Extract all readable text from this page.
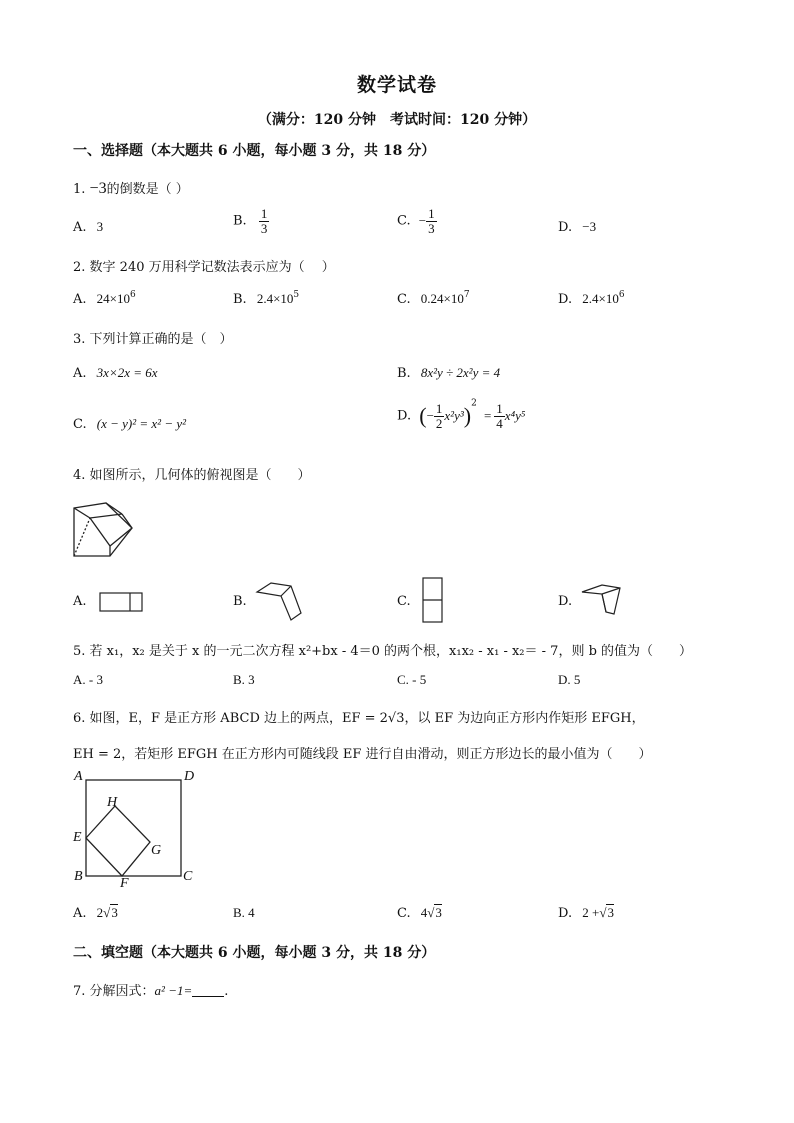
数学试卷
（满分：120 分钟　考试时间：120 分钟）
一、选择题（本大题共 6 小题，每小题 3 分，共 18 分）
1. −3的倒数是（ ）
A. 3	B. $\frac{1}{3}$	C. − $\frac{1}{3}$	D. −3
2. 数字 240 万用科学记数法表示应为（　 ）
A. $24\times 10^6$	B. $2.4\times 10^5$	C. $0.24\times 10^7$	D. $2.4\times 10^6$
3. 下列计算正确的是（　）
A. 3x×2x = 6x	B. 8x²y ÷ 2x²y = 4
C. (x − y)² = x² − y²	D. (− $\frac{1}{2} x^2y^3)^2 = \frac{1}{4} x^4y^5$
4. 如图所示，几何体的俯视图是（　　）
A.	B.	C.	D.
5. 若 x₁，x₂ 是关于 x 的一元二次方程 x²+bx - 4＝0 的两个根，x₁x₂ - x₁ - x₂＝ - 7，则 b 的值为（　　）
A. - 3	B. 3	C. - 5	D. 5
6. 如图，E，F 是正方形 ABCD 边上的两点，EF = 2√3，以 EF 为边向正方形内作矩形 EFGH，
EH = 2，若矩形 EFGH 在正方形内可随线段 EF 进行自由滑动，则正方形边长的最小值为（　　）
A	D
H
E
G
B	F	C
A. 2√3	B. 4	C. 4√3	D. 2 +√3
二、填空题（本大题共 6 小题，每小题 3 分，共 18 分）
7. 分解因式：a² −1= .
